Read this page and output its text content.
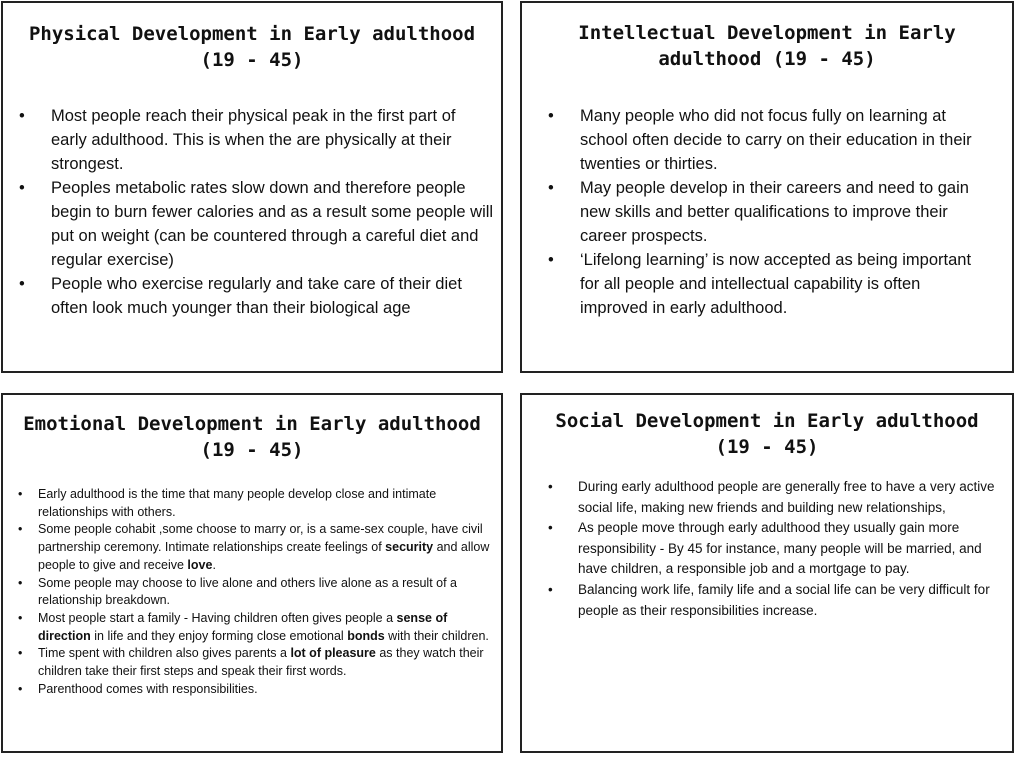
Physical Development in Early adulthood
(19 - 45)
• Most people reach their physical peak in the first part of early adulthood. This is when the are physically at their strongest.
• Peoples metabolic rates slow down and therefore people begin to burn fewer calories and as a result some people will put on weight (can be countered through a careful diet and regular exercise)
• People who exercise regularly and take care of their diet often look much younger than their biological age
Intellectual Development in Early
adulthood (19 - 45)
• Many people who did not focus fully on learning at school often decide to carry on their education in their twenties or thirties.
• May people develop in their careers and need to gain new skills and better qualifications to improve their career prospects.
• ‘Lifelong learning’ is now accepted as being important for all people and intellectual capability is often improved in early adulthood.
Emotional Development in Early adulthood
(19 - 45)
• Early adulthood is the time that many people develop close and intimate relationships with others.
• Some people cohabit ,some choose to marry or, is a same-sex couple, have civil partnership ceremony. Intimate relationships create feelings of security and allow people to give and receive love.
• Some people may choose to live alone and others live alone as a result of a relationship breakdown.
• Most people start a family - Having children often gives people a sense of direction in life and they enjoy forming close emotional bonds with their children.
• Time spent with children also gives parents a lot of pleasure as they watch their children take their first steps and speak their first words.
• Parenthood comes with responsibilities.
Social Development in Early adulthood
(19 - 45)
• During early adulthood people are generally free to have a very active social life, making new friends and building new relationships,
• As people move through early adulthood they usually gain more responsibility - By 45 for instance, many people will be married, and have children, a responsible job and a mortgage to pay.
• Balancing work life, family life and a social life can be very difficult for people as their responsibilities increase.
